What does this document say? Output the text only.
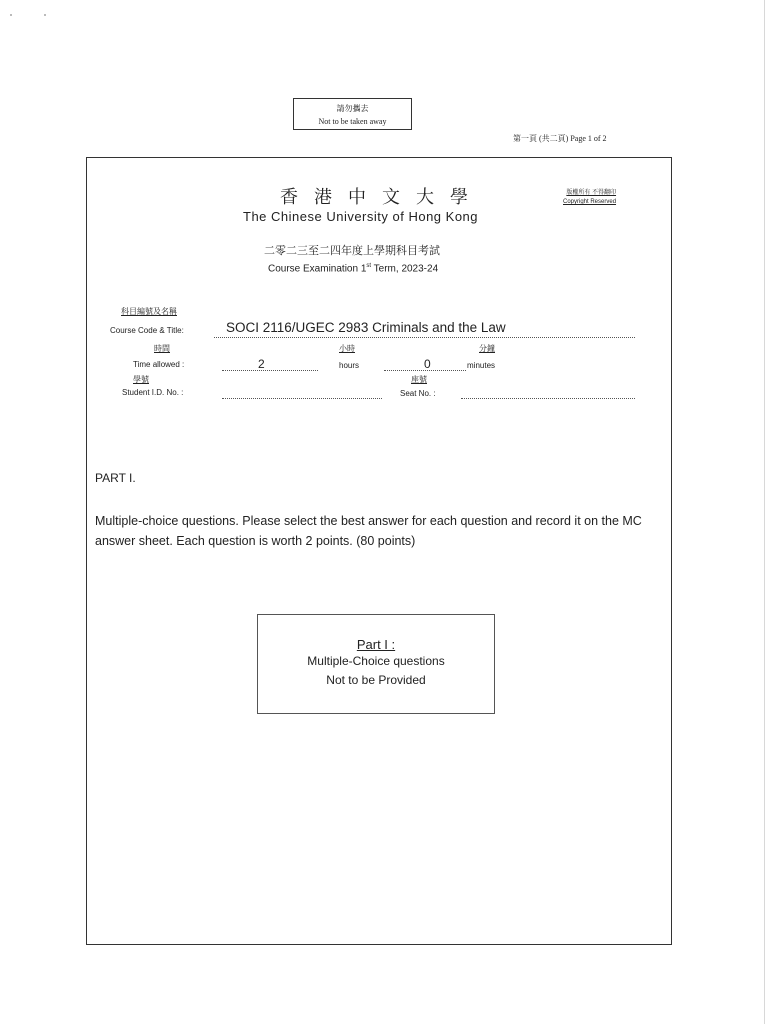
請勿攜去
Not to be taken away
第一頁 (共二頁) Page 1 of 2
香港中文大學
The Chinese University of Hong Kong
版權所有 不得翻印
Copyright Reserved
二零二三至二四年度上學期科目考試
Course Examination 1st Term, 2023-24
科目編號及名稱
Course Code & Title:	SOCI 2116/UGEC 2983 Criminals and the Law
時間	小時	分鐘
Time allowed :	2	hours	0	minutes
學號	座號
Student I.D. No. :	Seat No. :
PART I.
Multiple-choice questions. Please select the best answer for each question and record it on the MC answer sheet. Each question is worth 2 points. (80 points)
Part I :
Multiple-Choice questions
Not to be Provided
